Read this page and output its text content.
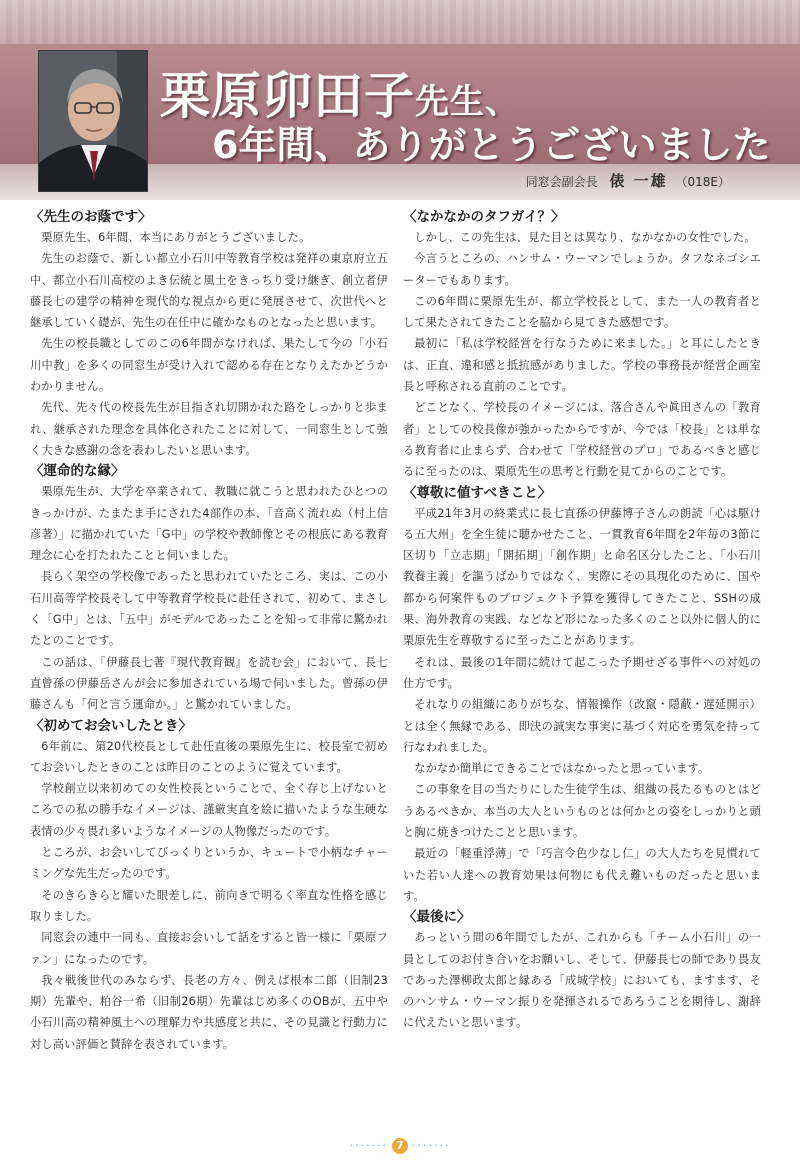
栗原卯田子先生、
6年間、ありがとうございました
同窓会副会長 俵 一雄 （018E）
〈先生のお蔭です〉

栗原先生、6年間、本当にありがとうございました。

先生のお蔭で、新しい都立小石川中等教育学校は発祥の東京府立五中、都立小石川高校のよき伝統と風土をきっちり受け継ぎ、創立者伊藤長七の建学の精神を現代的な視点から更に発展させて、次世代へと継承していく礎が、先生の在任中に確かなものとなったと思います。

先生の校長職としてのこの6年間がなければ、果たして今の「小石川中教」を多くの同窓生が受け入れて認める存在となりえたかどうかわかりません。

先代、先々代の校長先生が目指され切開かれた路をしっかりと歩まれ、継承された理念を具体化されたことに対して、一同窓生として強く大きな感謝の念を表わしたいと思います。

〈運命的な縁〉

栗原先生が、大学を卒業されて、教職に就こうと思われたひとつのきっかけが、たまたま手にされた4部作の本、「音高く流れぬ（村上信彦著）」に描かれていた「G中」の学校や教師像とその根底にある教育理念に心を打たれたことと伺いました。

長らく架空の学校像であったと思われていたところ、実は、この小石川高等学校長そして中等教育学校長に赴任されて、初めて、まさしく「G中」とは、「五中」がモデルであったことを知って非常に驚かれたとのことです。

この話は、「伊藤長七著『現代教育観』を読む会」において、長七直曾孫の伊藤岳さんが会に参加されている場で伺いました。曾孫の伊藤さんも「何と言う運命か。」と驚かれていました。

〈初めてお会いしたとき〉

6年前に、第20代校長として赴任直後の栗原先生に、校長室で初めてお会いしたときのことは昨日のことのように覚えています。

学校創立以来初めての女性校長ということで、全く存じ上げないところでの私の勝手なイメージは、謹厳実直を絵に描いたような生硬な表情の少々畏れ多いようなイメージの人物像だったのです。

ところが、お会いしてびっくりというか、キュートで小柄なチャーミングな先生だったのです。

そのきらきらと耀いた眼差しに、前向きで明るく率直な性格を感じ取りました。

同窓会の連中一同も、直接お会いして話をすると皆一様に「栗原ファン」になったのです。

我々戦後世代のみならず、長老の方々、例えば根本二郎（旧制23期）先輩や、粕谷一希（旧制26期）先輩はじめ多くのOBが、五中や小石川高の精神風土への理解力や共感度と共に、その見識と行動力に対し高い評価と賛辞を表されています。

〈なかなかのタフガイ？〉

しかし、この先生は、見た目とは異なり、なかなかの女性でした。

今言うところの、ハンサム・ウーマンでしょうか。タフなネゴシエーターでもあります。

この6年間に栗原先生が、都立学校長として、また一人の教育者として果たされてきたことを脇から見てきた感想です。

最初に「私は学校経営を行なうために来ました。」と耳にしたときは、正直、違和感と抵抗感がありました。学校の事務長が経営企画室長と呼称される直前のことです。

どことなく、学校長のイメージには、落合さんや眞田さんの「教育者」としての校長像が強かったからですが、今では「校長」とは単なる教育者に止まらず、合わせて「学校経営のプロ」であるべきと感じるに至ったのは、栗原先生の思考と行動を見てからのことです。

〈尊敬に値すべきこと〉

平成21年3月の終業式に長七直孫の伊藤博子さんの朗読「心は駆ける五大州」を全生徒に聴かせたこと、一貫教育6年間を2年毎の3節に区切り「立志期」「開拓期」「創作期」と命名区分したこと、「小石川教養主義」を謳うばかりではなく、実際にその具現化のために、国や都から何案件ものプロジェクト予算を獲得してきたこと、SSHの成果、海外教育の実践、などなど形になった多くのこと以外に個人的に栗原先生を尊敬するに至ったことがあります。

それは、最後の1年間に続けて起こった予期せざる事件への対処の仕方です。

それなりの組織にありがちな、情報操作（改竄・隠蔽・遅延開示）とは全く無縁である、即決の誠実な事実に基づく対応を勇気を持って行なわれました。

なかなか簡単にできることではなかったと思っています。

この事象を目の当たりにした生徒学生は、組織の長たるものとはどうあるべきか、本当の大人というものとは何かとの姿をしっかりと頭と胸に焼きつけたことと思います。

最近の「軽重浮薄」で「巧言令色少なし仁」の大人たちを見慣れていた若い人達への教育効果は何物にも代え難いものだったと思います。

〈最後に〉

あっという間の6年間でしたが、これからも「チーム小石川」の一員としてのお付き合いをお願いし、そして、伊藤長七の師であり畏友であった澤柳政太郎と縁ある「成城学校」においても、ますます、そのハンサム・ウーマン振りを発揮されるであろうことを期待し、謝辞に代えたいと思います。

······· 7 ·······
